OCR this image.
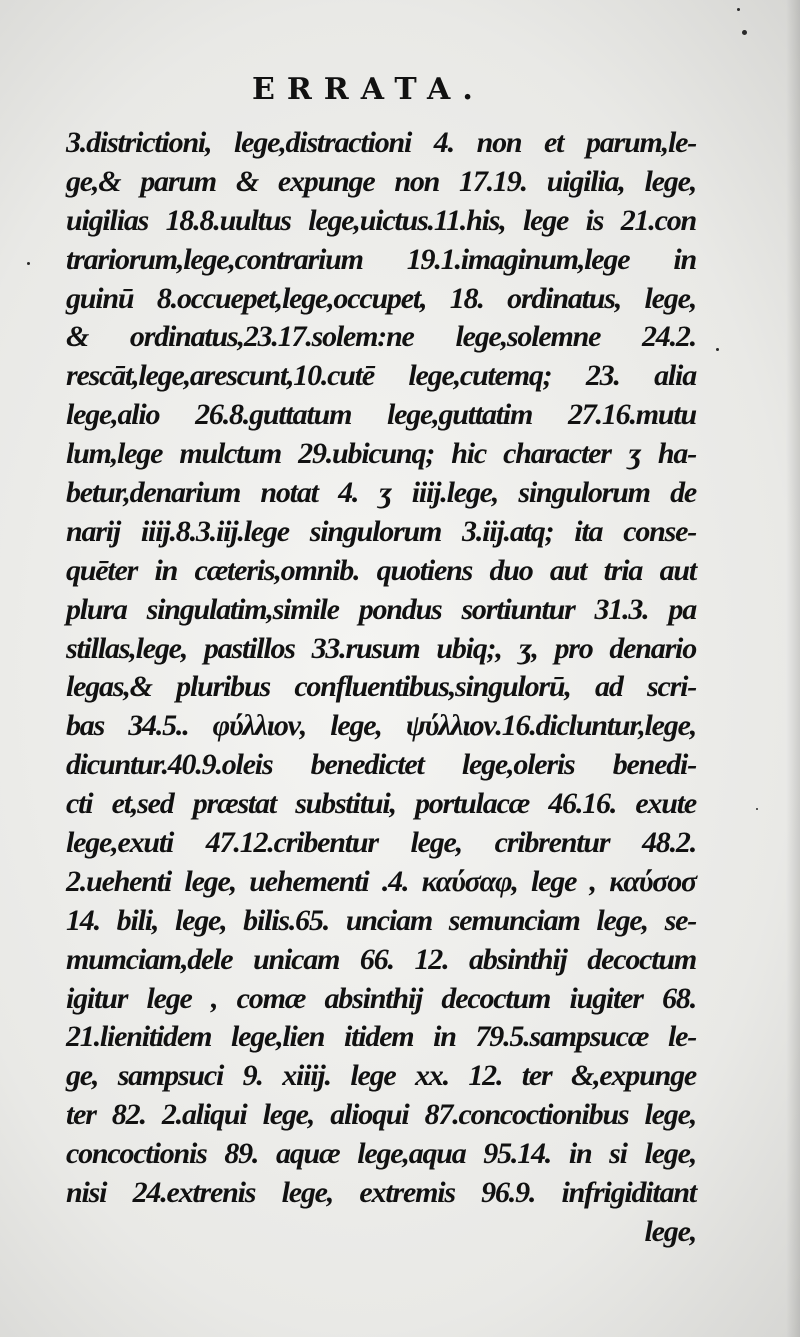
ERRATA.
3.districtioni, lege,distractioni 4. non et parum,le-
ge,& parum & expunge non 17.19. uigilia, lege,
uigilias 18.8.uultus lege,uictus.11.his, lege is 21.con
trariorum,lege,contrarium 19.1.imaginum,lege in
guinū 8.occuepet,lege,occupet, 18. ordinatus, lege,
& ordinatus,23.17.solem:ne lege,solemne 24.2.
rescāt,lege,arescunt,10.cutē lege,cutemq; 23. alia
lege,alio 26.8.guttatum lege,guttatim 27.16.mutu
lum,lege mulctum 29.ubicunq; hic character ʒ ha-
betur,denarium notat 4. ʒ iiij.lege, singulorum de
narij iiij.8.3.iij.lege singulorum 3.iij.atq; ita conse-
quēter in cæteris,omnib. quotiens duo aut tria aut
plura singulatim,simile pondus sortiuntur 31.3. pa
stillas,lege, pastillos 33.rusum ubiq;, ʒ, pro denario
legas,& pluribus confluentibus,singulorū, ad scri-
bas 34.5.. φύλλιον, lege, ψύλλιον.16.dicluntur,lege,
dicuntur.40.9.oleis benedictet lege,oleris benedi-
cti et,sed præstat substitui, portulacæ 46.16. exute
lege,exuti 47.12.cribentur lege, cribrentur 48.2.
2.uehenti lege, uehementi .4. καύσαφ, lege , καύσοσ
14. bili, lege, bilis.65. unciam semunciam lege, se-
mumciam,dele unicam 66. 12. absinthij decoctum
igitur lege , comæ absinthij decoctum iugiter 68.
21.lienitidem lege,lien itidem in 79.5.sampsucæ le-
ge, sampsuci 9. xiiij. lege xx. 12. ter &,expunge
ter 82. 2.aliqui lege, alioqui 87.concoctionibus lege,
concoctionis 89. aquæ lege,aqua 95.14. in si lege,
nisi 24.extrenis lege, extremis 96.9. infrigiditant
lege,
